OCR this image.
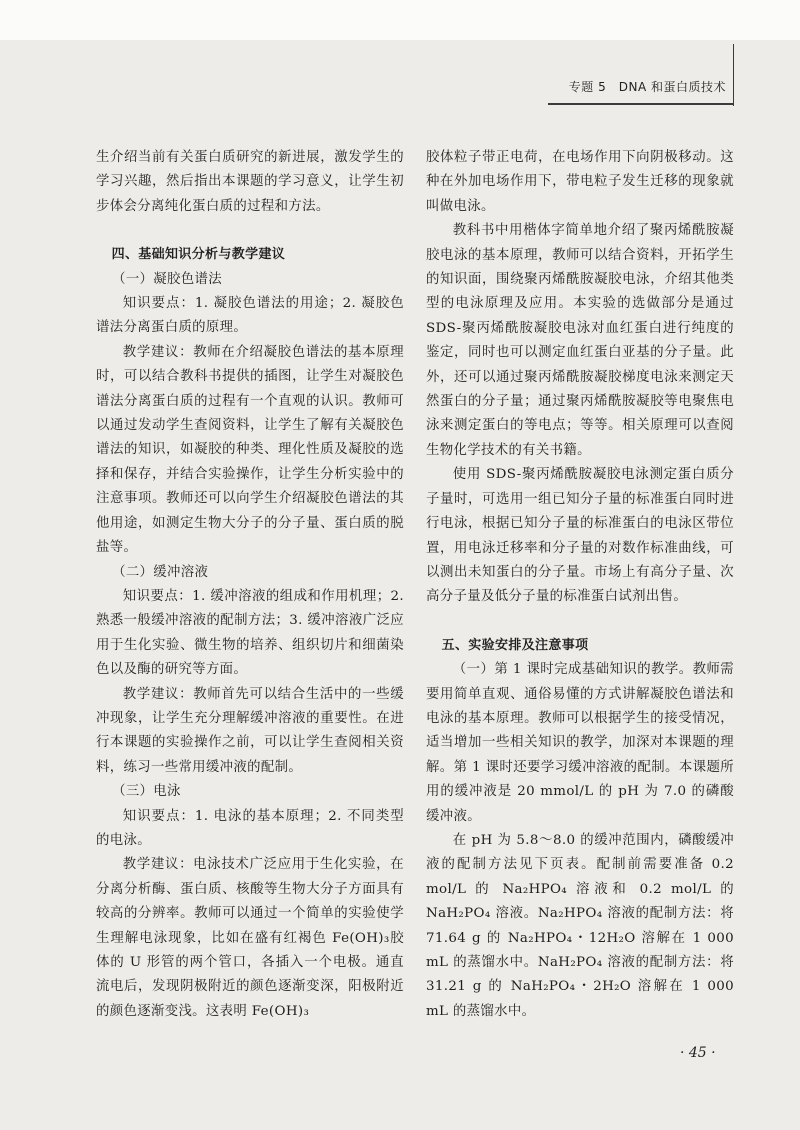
专题 5　DNA 和蛋白质技术

生介绍当前有关蛋白质研究的新进展，激发学生的学习兴趣，然后指出本课题的学习意义，让学生初步体会分离纯化蛋白质的过程和方法。

四、基础知识分析与教学建议

（一）凝胶色谱法

知识要点：1. 凝胶色谱法的用途；2. 凝胶色谱法分离蛋白质的原理。

教学建议：教师在介绍凝胶色谱法的基本原理时，可以结合教科书提供的插图，让学生对凝胶色谱法分离蛋白质的过程有一个直观的认识。教师可以通过发动学生查阅资料，让学生了解有关凝胶色谱法的知识，如凝胶的种类、理化性质及凝胶的选择和保存，并结合实验操作，让学生分析实验中的注意事项。教师还可以向学生介绍凝胶色谱法的其他用途，如测定生物大分子的分子量、蛋白质的脱盐等。

（二）缓冲溶液

知识要点：1. 缓冲溶液的组成和作用机理；2. 熟悉一般缓冲溶液的配制方法；3. 缓冲溶液广泛应用于生化实验、微生物的培养、组织切片和细菌染色以及酶的研究等方面。

教学建议：教师首先可以结合生活中的一些缓冲现象，让学生充分理解缓冲溶液的重要性。在进行本课题的实验操作之前，可以让学生查阅相关资料，练习一些常用缓冲液的配制。

（三）电泳

知识要点：1. 电泳的基本原理；2. 不同类型的电泳。

教学建议：电泳技术广泛应用于生化实验，在分离分析酶、蛋白质、核酸等生物大分子方面具有较高的分辨率。教师可以通过一个简单的实验使学生理解电泳现象，比如在盛有红褐色 Fe(OH)₃胶体的 U 形管的两个管口，各插入一个电极。通直流电后，发现阴极附近的颜色逐渐变深，阳极附近的颜色逐渐变浅。这表明 Fe(OH)₃

胶体粒子带正电荷，在电场作用下向阴极移动。这种在外加电场作用下，带电粒子发生迁移的现象就叫做电泳。

教科书中用楷体字简单地介绍了聚丙烯酰胺凝胶电泳的基本原理，教师可以结合资料，开拓学生的知识面，围绕聚丙烯酰胺凝胶电泳，介绍其他类型的电泳原理及应用。本实验的选做部分是通过 SDS-聚丙烯酰胺凝胶电泳对血红蛋白进行纯度的鉴定，同时也可以测定血红蛋白亚基的分子量。此外，还可以通过聚丙烯酰胺凝胶梯度电泳来测定天然蛋白的分子量；通过聚丙烯酰胺凝胶等电聚焦电泳来测定蛋白的等电点；等等。相关原理可以查阅生物化学技术的有关书籍。

使用 SDS-聚丙烯酰胺凝胶电泳测定蛋白质分子量时，可选用一组已知分子量的标准蛋白同时进行电泳，根据已知分子量的标准蛋白的电泳区带位置，用电泳迁移率和分子量的对数作标准曲线，可以测出未知蛋白的分子量。市场上有高分子量、次高分子量及低分子量的标准蛋白试剂出售。

五、实验安排及注意事项

（一）第 1 课时完成基础知识的教学。教师需要用简单直观、通俗易懂的方式讲解凝胶色谱法和电泳的基本原理。教师可以根据学生的接受情况，适当增加一些相关知识的教学，加深对本课题的理解。第 1 课时还要学习缓冲溶液的配制。本课题所用的缓冲液是 20 mmol/L 的 pH 为 7.0 的磷酸缓冲液。

在 pH 为 5.8～8.0 的缓冲范围内，磷酸缓冲液的配制方法见下页表。配制前需要准备 0.2 mol/L 的 Na₂HPO₄ 溶液和 0.2 mol/L 的 NaH₂PO₄ 溶液。Na₂HPO₄ 溶液的配制方法：将 71.64 g 的 Na₂HPO₄・12H₂O 溶解在 1 000 mL 的蒸馏水中。NaH₂PO₄ 溶液的配制方法：将 31.21 g 的 NaH₂PO₄・2H₂O 溶解在 1 000 mL 的蒸馏水中。

· 45 ·
